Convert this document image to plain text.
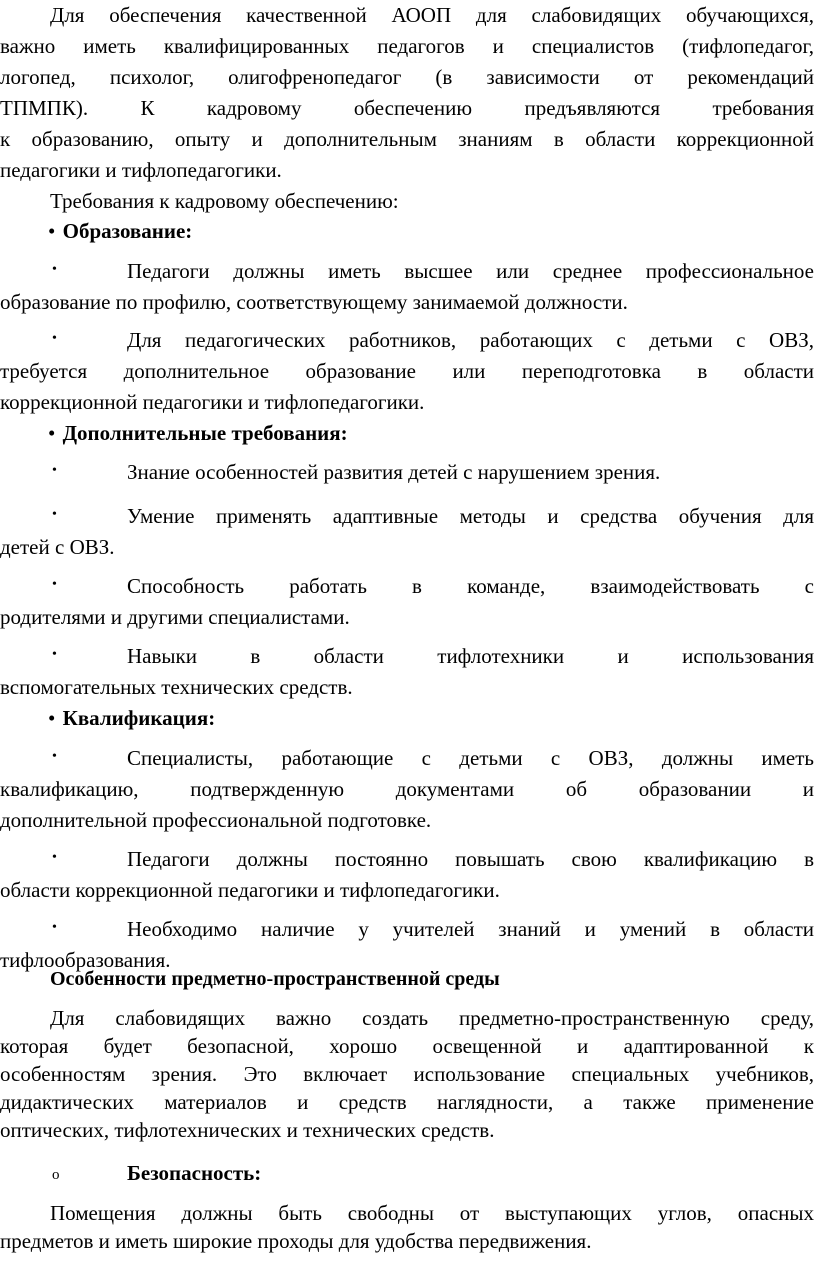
Для обеспечения качественной АООП для слабовидящих обучающихся,
важно иметь квалифицированных педагогов и специалистов (тифлопедагог,
логопед, психолог, олигофренопедагог (в зависимости от рекомендаций
ТПМПК). К кадровому обеспечению предъявляются требования
к образованию, опыту и дополнительным знаниям в области коррекционной
педагогики и тифлопедагогики.
Требования к кадровому обеспечению:
• Образование:
•	Педагоги должны иметь высшее или среднее профессиональное
образование по профилю, соответствующему занимаемой должности.
•	Для педагогических работников, работающих с детьми с ОВЗ,
требуется дополнительное образование или переподготовка в области
коррекционной педагогики и тифлопедагогики.
• Дополнительные требования:
•	Знание особенностей развития детей с нарушением зрения.
•	Умение применять адаптивные методы и средства обучения для
детей с ОВЗ.
•	Способность работать в команде, взаимодействовать с
родителями и другими специалистами.
•	Навыки в области тифлотехники и использования
вспомогательных технических средств.
• Квалификация:
•	Специалисты, работающие с детьми с ОВЗ, должны иметь
квалификацию, подтвержденную документами об образовании и
дополнительной профессиональной подготовке.
•	Педагоги должны постоянно повышать свою квалификацию в
области коррекционной педагогики и тифлопедагогики.
•	Необходимо наличие у учителей знаний и умений в области
тифлообразования.
Особенности предметно-пространственной среды
Для слабовидящих важно создать предметно-пространственную среду,
которая будет безопасной, хорошо освещенной и адаптированной к
особенностям зрения. Это включает использование специальных учебников,
дидактических материалов и средств наглядности, а также применение
оптических, тифлотехнических и технических средств.
o	Безопасность:
Помещения должны быть свободны от выступающих углов, опасных
предметов и иметь широкие проходы для удобства передвижения.
